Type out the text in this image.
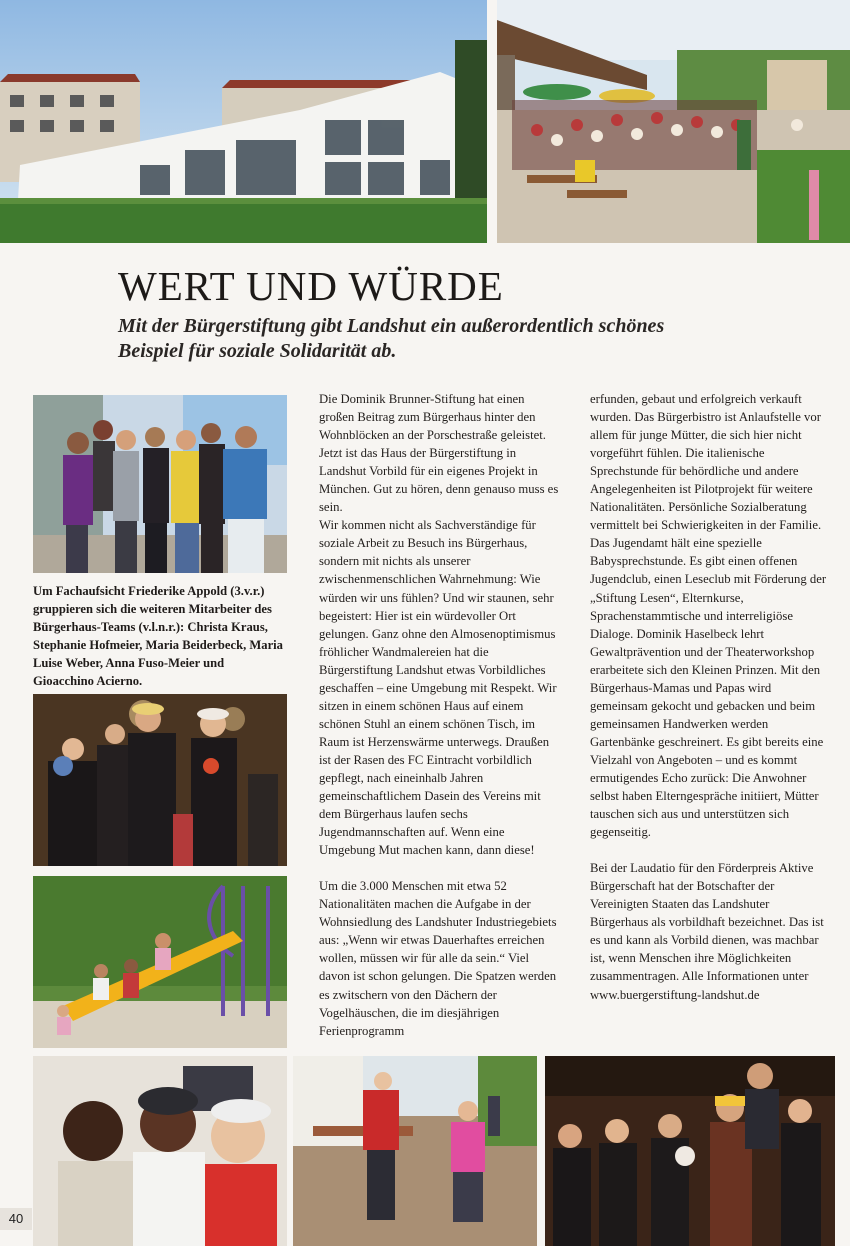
WERT UND WÜRDE

Mit der Bürgerstiftung gibt Landshut ein außerordentlich schönes Beispiel für soziale Solidarität ab.

Um Fachaufsicht Friederike Appold (3.v.r.) gruppieren sich die weiteren Mitarbeiter des Bürgerhaus-Teams (v.l.n.r.): Christa Kraus, Stephanie Hofmeier, Maria Beiderbeck, Maria Luise Weber, Anna Fuso-Meier und Gioacchino Acierno.

Die Dominik Brunner-Stiftung hat einen großen Beitrag zum Bürgerhaus hinter den Wohnblöcken an der Porschestraße geleistet. Jetzt ist das Haus der Bürgerstiftung in Landshut Vorbild für ein eigenes Projekt in München. Gut zu hören, denn genauso muss es sein.

Wir kommen nicht als Sachverständige für soziale Arbeit zu Besuch ins Bürgerhaus, sondern mit nichts als unserer zwischenmenschlichen Wahrnehmung: Wie würden wir uns fühlen? Und wir staunen, sehr begeistert: Hier ist ein würdevoller Ort gelungen. Ganz ohne den Almosenoptimismus fröhlicher Wandmalereien hat die Bürgerstiftung Landshut etwas Vorbildliches geschaffen – eine Umgebung mit Respekt. Wir sitzen in einem schönen Haus auf einem schönen Stuhl an einem schönen Tisch, im Raum ist Herzenswärme unterwegs. Draußen ist der Rasen des FC Eintracht vorbildlich gepflegt, nach eineinhalb Jahren gemeinschaftlichem Dasein des Vereins mit dem Bürgerhaus laufen sechs Jugendmannschaften auf. Wenn eine Umgebung Mut machen kann, dann diese!

Um die 3.000 Menschen mit etwa 52 Nationalitäten machen die Aufgabe in der Wohnsiedlung des Landshuter Industriegebiets aus: „Wenn wir etwas Dauerhaftes erreichen wollen, müssen wir für alle da sein.“ Viel davon ist schon gelungen. Die Spatzen werden es zwitschern von den Dächern der Vogelhäuschen, die im diesjährigen Ferienprogramm

erfunden, gebaut und erfolgreich verkauft wurden. Das Bürgerbistro ist Anlaufstelle vor allem für junge Mütter, die sich hier nicht vorgeführt fühlen. Die italienische Sprechstunde für behördliche und andere Angelegenheiten ist Pilotprojekt für weitere Nationalitäten. Persönliche Sozialberatung vermittelt bei Schwierigkeiten in der Familie. Das Jugendamt hält eine spezielle Babysprechstunde. Es gibt einen offenen Jugendclub, einen Leseclub mit Förderung der „Stiftung Lesen“, Elternkurse, Sprachenstammtische und interreligiöse Dialoge. Dominik Haselbeck lehrt Gewaltprävention und der Theaterworkshop erarbeitete sich den Kleinen Prinzen. Mit den Bürgerhaus-Mamas und Papas wird gemeinsam gekocht und gebacken und beim gemeinsamen Handwerken werden Gartenbänke geschreinert. Es gibt bereits eine Vielzahl von Angeboten – und es kommt ermutigendes Echo zurück: Die Anwohner selbst haben Elterngespräche initiiert, Mütter tauschen sich aus und unterstützen sich gegenseitig.

Bei der Laudatio für den Förderpreis Aktive Bürgerschaft hat der Botschafter der Vereinigten Staaten das Landshuter Bürgerhaus als vorbildhaft bezeichnet. Das ist es und kann als Vorbild dienen, was machbar ist, wenn Menschen ihre Möglichkeiten zusammentragen. Alle Informationen unter www.buergerstiftung-landshut.de

40
